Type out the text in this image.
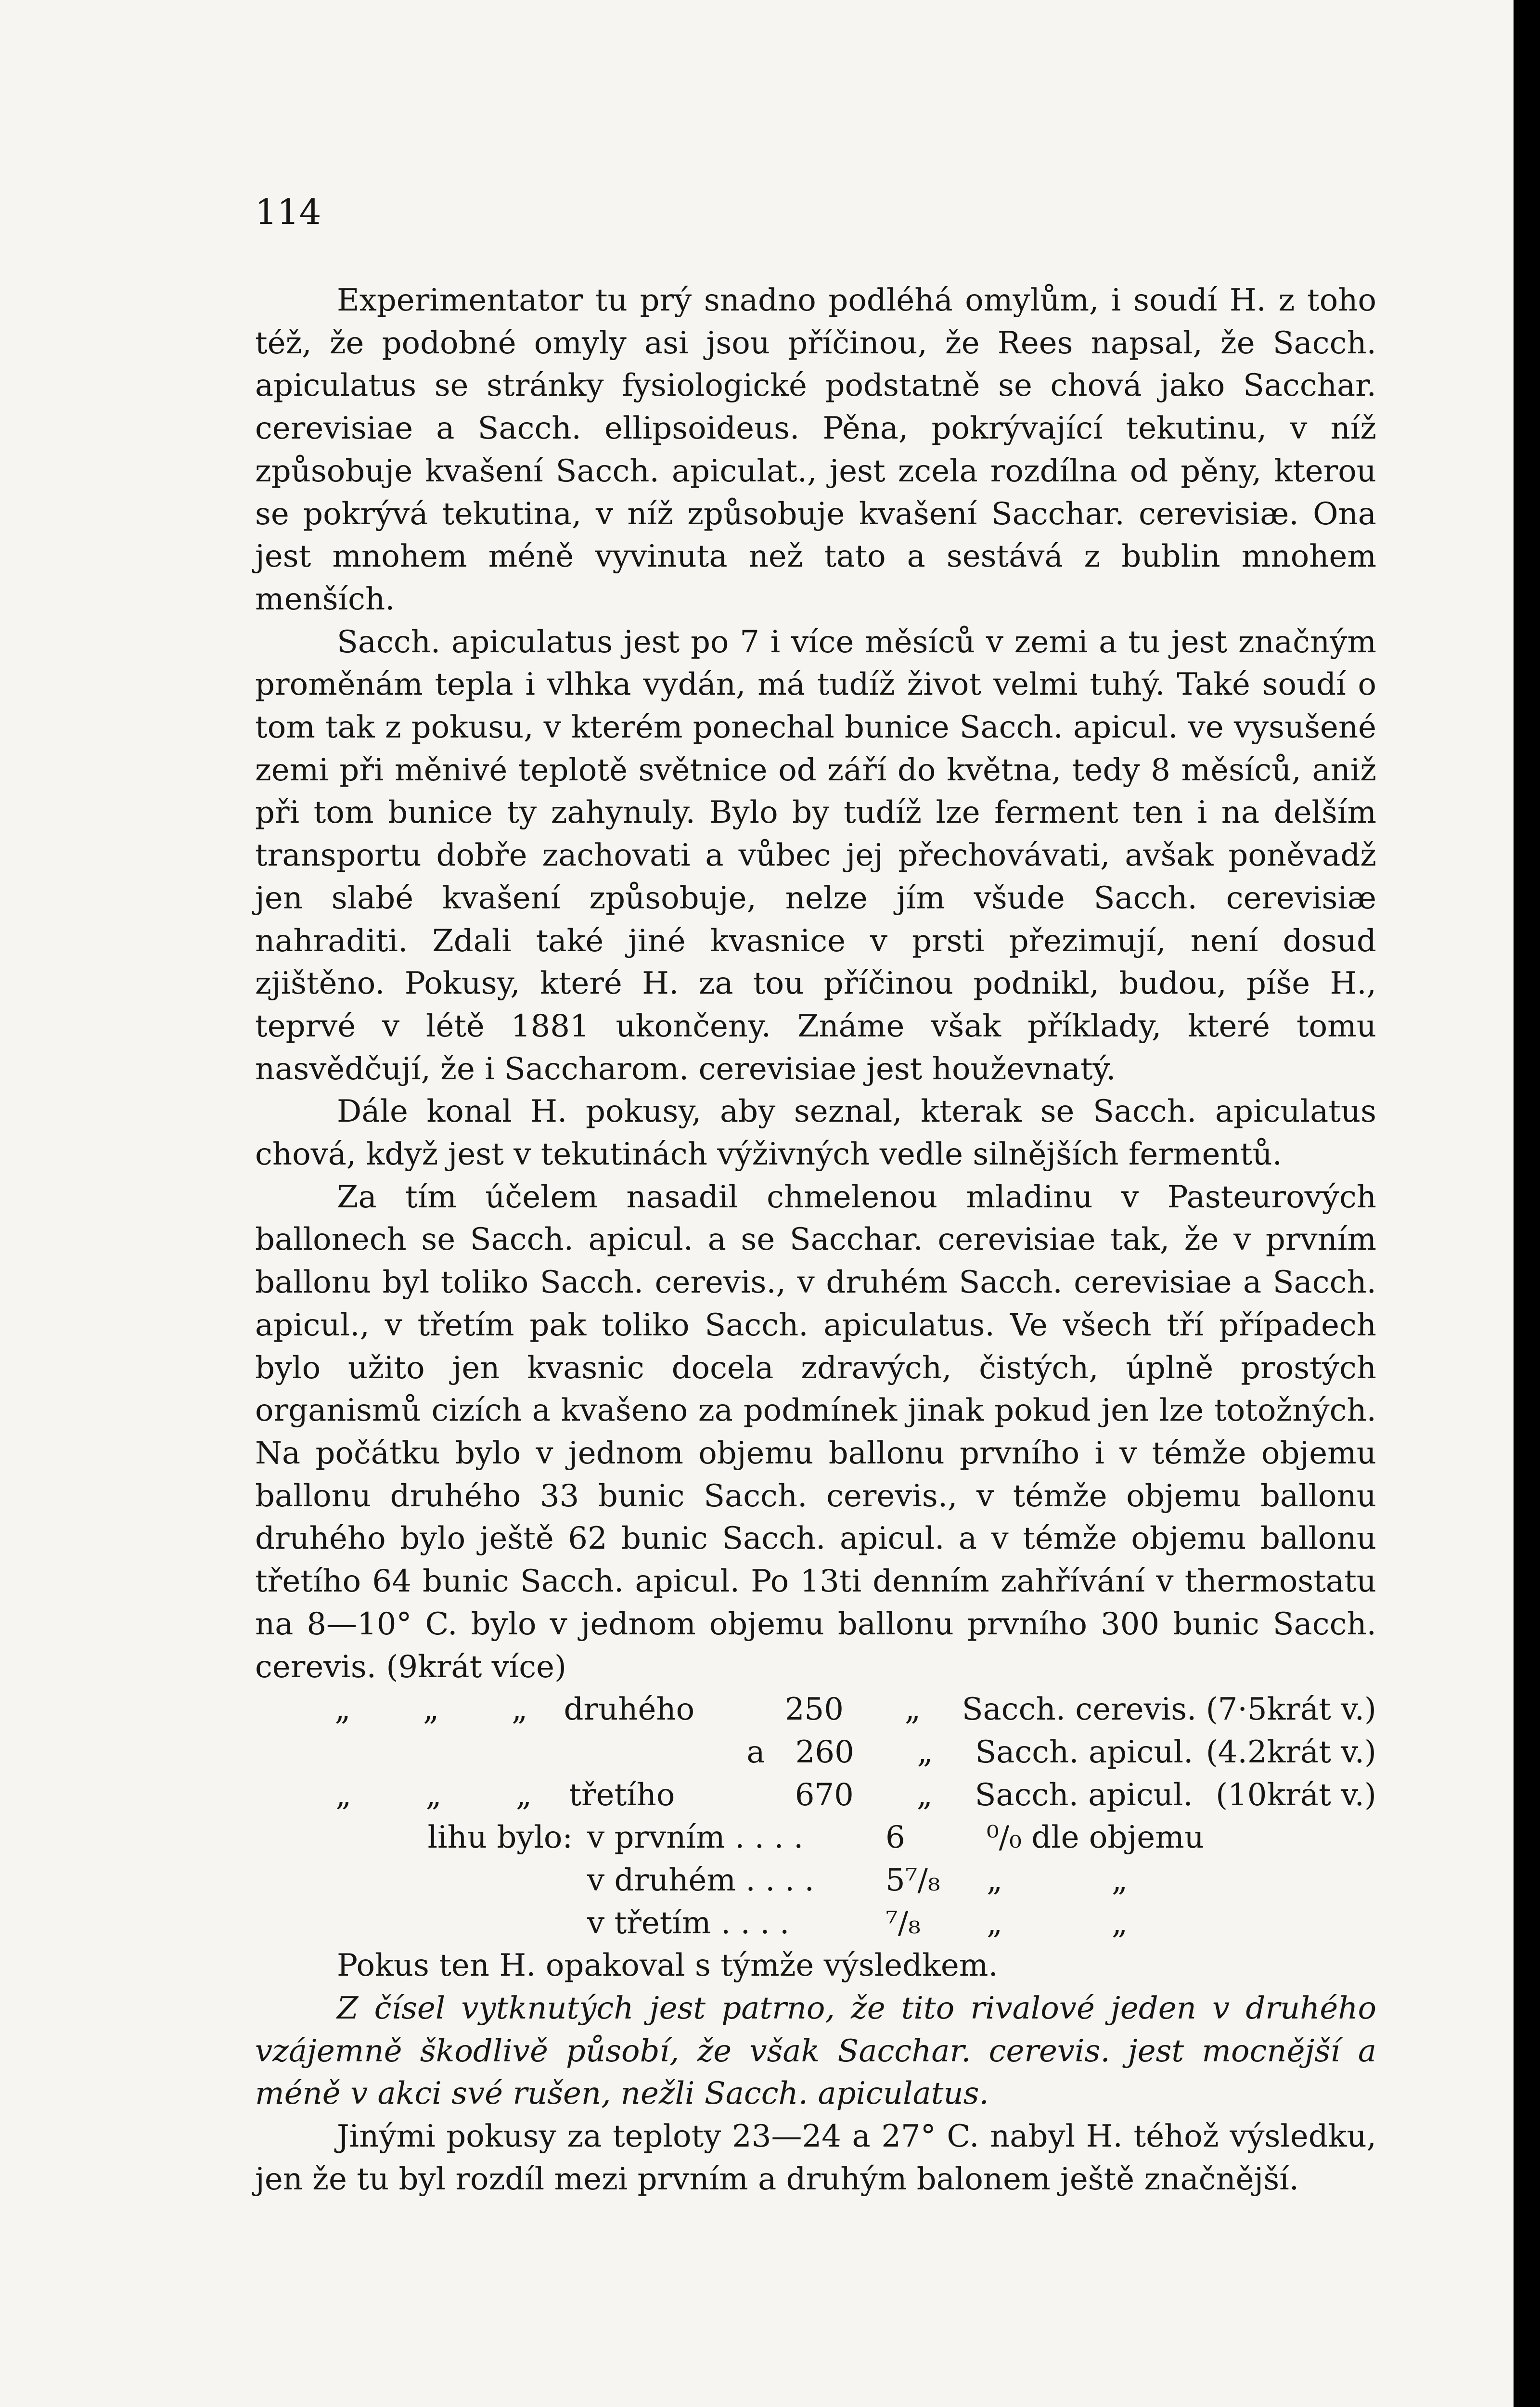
114

Experimentator tu prý snadno podléhá omylům, i soudí H. z toho též, že podobné omyly asi jsou příčinou, že Rees napsal, že Sacch. apiculatus se stránky fysiologické podstatně se chová jako Sacchar. cerevisiae a Sacch. ellipsoideus. Pěna, pokrývající tekutinu, v níž způsobuje kvašení Sacch. apiculat., jest zcela rozdílna od pěny, kterou se pokrývá tekutina, v níž způsobuje kvašení Sacchar. cerevisiæ. Ona jest mnohem méně vyvinuta než tato a sestává z bublin mnohem menších.

Sacch. apiculatus jest po 7 i více měsíců v zemi a tu jest značným proměnám tepla i vlhka vydán, má tudíž život velmi tuhý. Také soudí o tom tak z pokusu, v kterém ponechal bunice Sacch. apicul. ve vysušené zemi při měnivé teplotě světnice od září do května, tedy 8 měsíců, aniž při tom bunice ty zahynuly. Bylo by tudíž lze ferment ten i na delším transportu dobře zachovati a vůbec jej přechovávati, avšak poněvadž jen slabé kvašení způsobuje, nelze jím všude Sacch. cerevisiæ nahraditi. Zdali také jiné kvasnice v prsti přezimují, není dosud zjištěno. Pokusy, které H. za tou příčinou podnikl, budou, píše H., teprvé v létě 1881 ukončeny. Známe však příklady, které tomu nasvědčují, že i Saccharom. cerevisiae jest houževnatý.

Dále konal H. pokusy, aby seznal, kterak se Sacch. apiculatus chová, když jest v tekutinách výživných vedle silnějších fermentů.

Za tím účelem nasadil chmelenou mladinu v Pasteurových ballonech se Sacch. apicul. a se Sacchar. cerevisiae tak, že v prvním ballonu byl toliko Sacch. cerevis., v druhém Sacch. cerevisiae a Sacch. apicul., v třetím pak toliko Sacch. apiculatus. Ve všech tří případech bylo užito jen kvasnic docela zdravých, čistých, úplně prostých organismů cizích a kvašeno za podmínek jinak pokud jen lze totožných. Na počátku bylo v jednom objemu ballonu prvního i v témže objemu ballonu druhého 33 bunic Sacch. cerevis., v témže objemu ballonu druhého bylo ještě 62 bunic Sacch. apicul. a v témže objemu ballonu třetího 64 bunic Sacch. apicul. Po 13ti denním zahřívání v thermostatu na 8—10° C. bylo v jednom objemu ballonu prvního 300 bunic Sacch. cerevis. (9krát více)

„ „ „ druhého	250	„	Sacch. cerevis. (7·5krát v.)
a 260	„	Sacch. apicul. (4.2krát v.)
„ „ „ třetího	670	„	Sacch. apicul. (10krát v.)
lihu bylo: v prvním . . . .	6	⁰/₀ dle objemu
v druhém . . . .	5⁷/₈	„	„
v třetím . . . .	⁷/₈	„	„

Pokus ten H. opakoval s týmže výsledkem.

Z čísel vytknutých jest patrno, že tito rivalové jeden v druhého vzájemně škodlivě působí, že však Sacchar. cerevis. jest mocnější a méně v akci své rušen, nežli Sacch. apiculatus.

Jinými pokusy za teploty 23—24 a 27° C. nabyl H. téhož výsledku, jen že tu byl rozdíl mezi prvním a druhým balonem ještě značnější.
